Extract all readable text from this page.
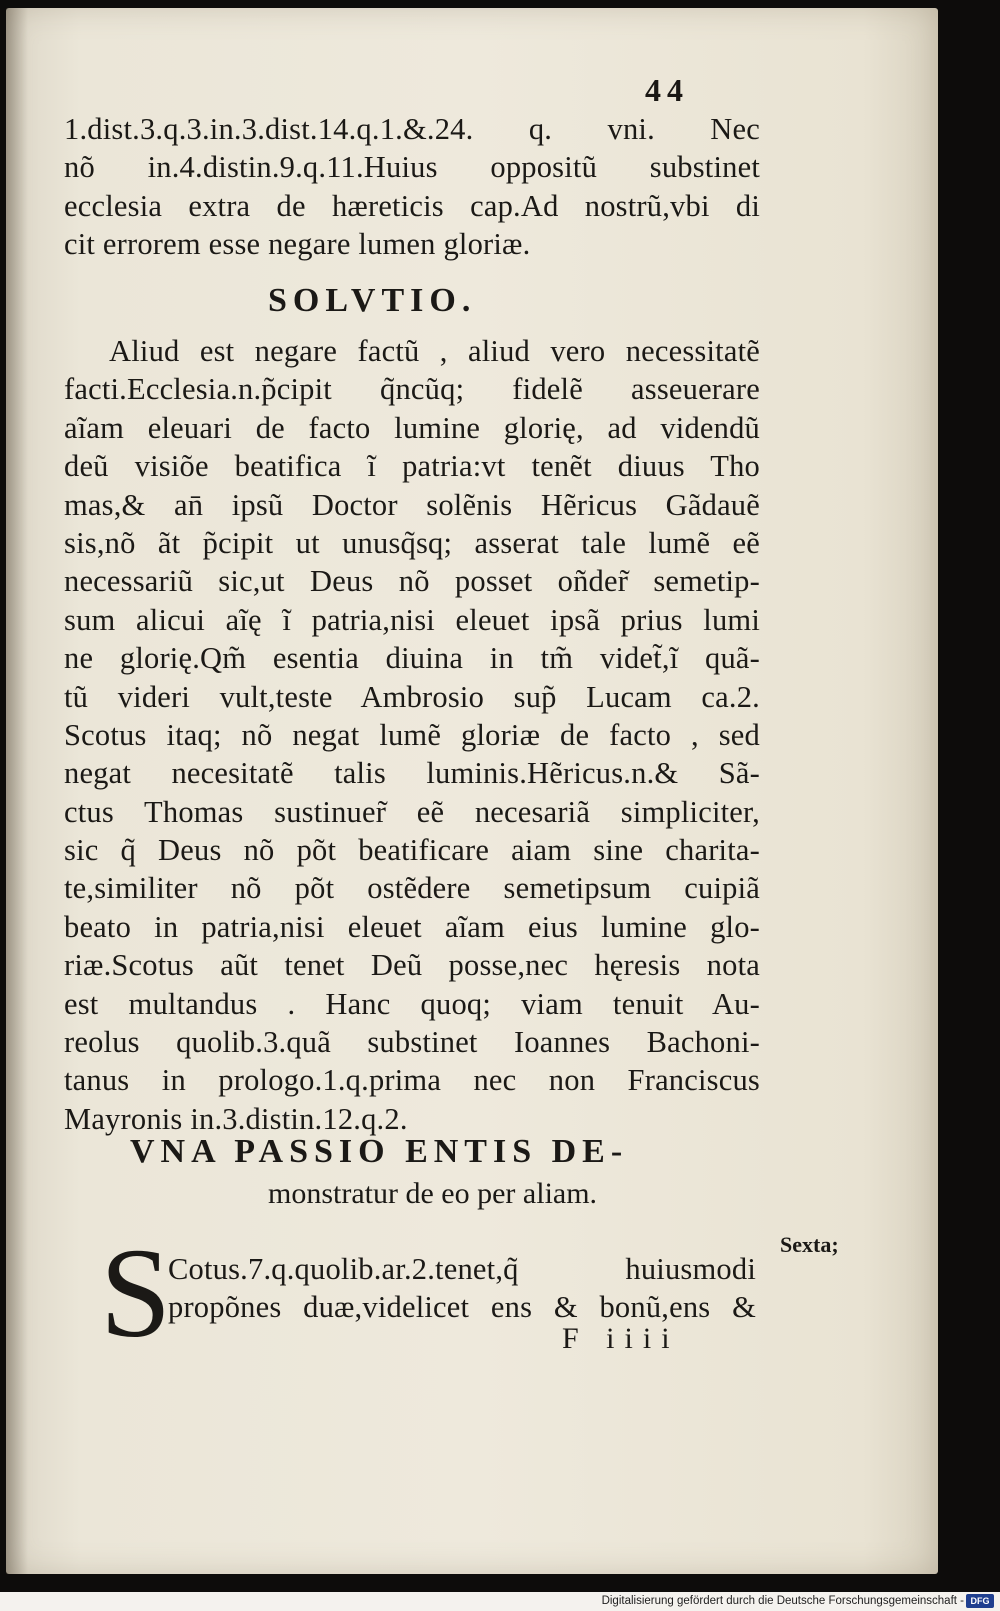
44
1.dist.3.q.3.in.3.dist.14.q.1.&.24. q. vni. Nec
nõ in.4.distin.9.q.11.Huius oppositũ substinet
ecclesia extra de hæreticis cap.Ad nostrũ,vbi di
cit errorem esse negare lumen gloriæ.
SOLVTIO.
Aliud est negare factũ , aliud vero necessitatẽ
facti.Ecclesia.n.p̃cipit q̃ncũq; fidelẽ asseuerare
aĩam eleuari de facto lumine glorię, ad videndũ
deũ visiõe beatifica ĩ patria:vt tenẽt diuus Tho
mas,& an̄ ipsũ Doctor solẽnis Hẽricus Gãdauẽ
sis,nõ ãt p̃cipit ut unusq̃sq; asserat tale lumẽ eẽ
necessariũ sic,ut Deus nõ posset oñder̃ semetip-
sum alicui aĩę ĩ patria,nisi eleuet ipsã prius lumi
ne glorię.Qm̃ esentia diuina in tm̃ videt̃,ĩ quã-
tũ videri vult,teste Ambrosio sup̃ Lucam ca.2.
Scotus itaq; nõ negat lumẽ gloriæ de facto , sed
negat necesitatẽ talis luminis.Hẽricus.n.& Sã-
ctus Thomas sustinuer̃ eẽ necesariã simpliciter,
sic q̃ Deus nõ põt beatificare aiam sine charita-
te,similiter nõ põt ostẽdere semetipsum cuipiã
beato in patria,nisi eleuet aĩam eius lumine glo-
riæ.Scotus aũt tenet Deũ posse,nec hęresis nota
est multandus . Hanc quoq; viam tenuit Au-
reolus quolib.3.quã substinet Ioannes Bachoni-
tanus in prologo.1.q.prima nec non Franciscus
Mayronis in.3.distin.12.q.2.
VNA PASSIO ENTIS DE-
monstratur de eo per aliam.
S
Cotus.7.q.quolib.ar.2.tenet,q̃ huiusmodi
propõnes duæ,videlicet ens & bonũ,ens &
Sexta;
F iiii
Digitalisierung gefördert durch die Deutsche Forschungsgemeinschaft - DFG
